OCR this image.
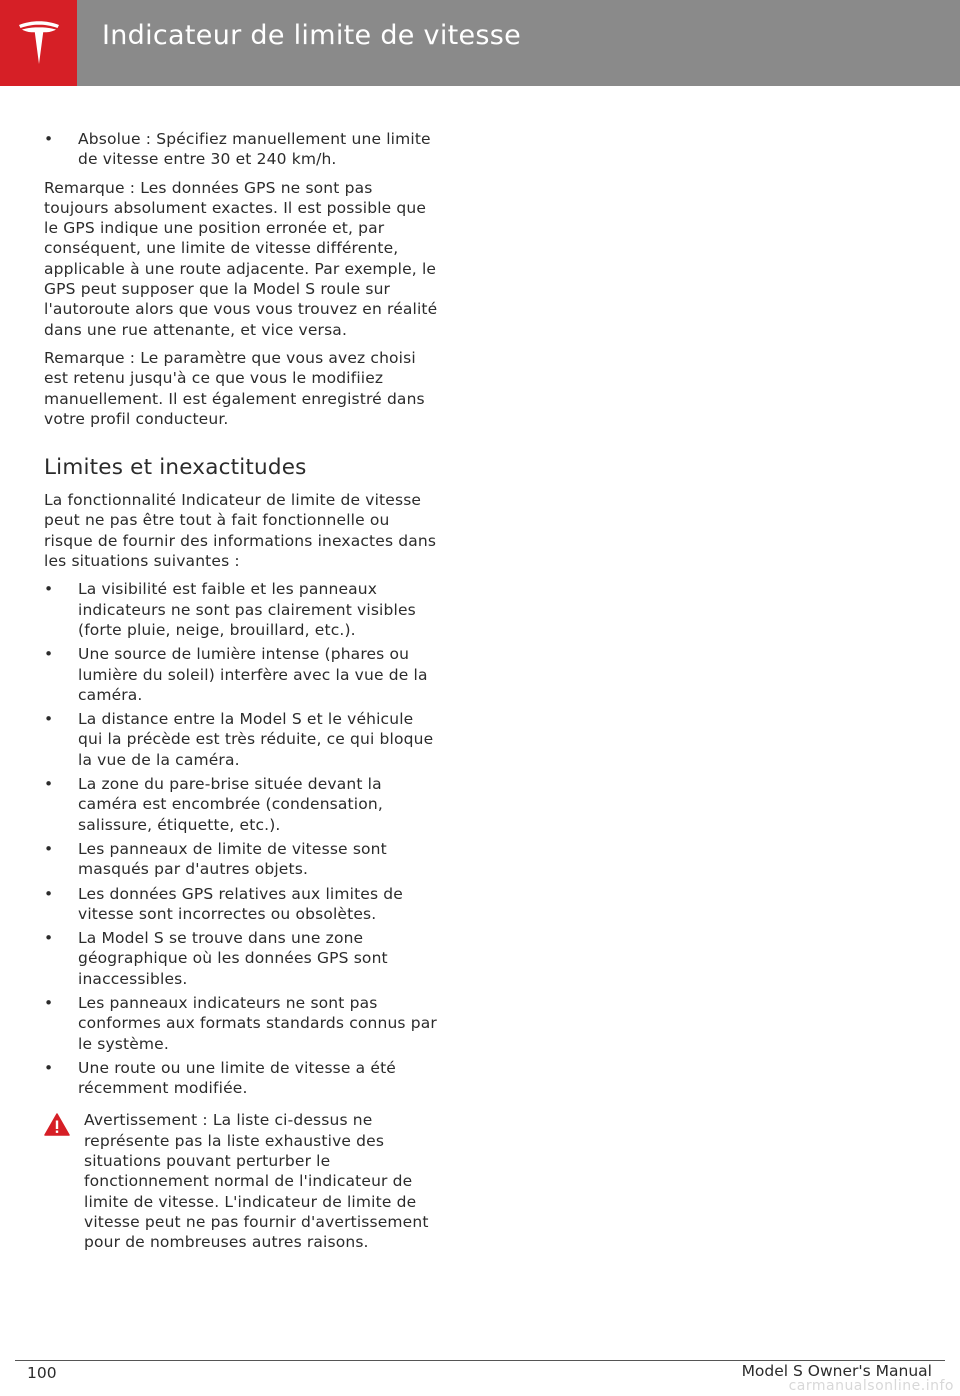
Indicateur de limite de vitesse
• Absolue : Spécifiez manuellement une limite de vitesse entre 30 et 240 km/h.

Remarque : Les données GPS ne sont pas toujours absolument exactes. Il est possible que le GPS indique une position erronée et, par conséquent, une limite de vitesse différente, applicable à une route adjacente. Par exemple, le GPS peut supposer que la Model S roule sur l'autoroute alors que vous vous trouvez en réalité dans une rue attenante, et vice versa.

Remarque : Le paramètre que vous avez choisi est retenu jusqu'à ce que vous le modifiiez manuellement. Il est également enregistré dans votre profil conducteur.

Limites et inexactitudes

La fonctionnalité Indicateur de limite de vitesse peut ne pas être tout à fait fonctionnelle ou risque de fournir des informations inexactes dans les situations suivantes :

• La visibilité est faible et les panneaux indicateurs ne sont pas clairement visibles (forte pluie, neige, brouillard, etc.).
• Une source de lumière intense (phares ou lumière du soleil) interfère avec la vue de la caméra.
• La distance entre la Model S et le véhicule qui la précède est très réduite, ce qui bloque la vue de la caméra.
• La zone du pare-brise située devant la caméra est encombrée (condensation, salissure, étiquette, etc.).
• Les panneaux de limite de vitesse sont masqués par d'autres objets.
• Les données GPS relatives aux limites de vitesse sont incorrectes ou obsolètes.
• La Model S se trouve dans une zone géographique où les données GPS sont inaccessibles.
• Les panneaux indicateurs ne sont pas conformes aux formats standards connus par le système.
• Une route ou une limite de vitesse a été récemment modifiée.
Avertissement : La liste ci-dessus ne représente pas la liste exhaustive des situations pouvant perturber le fonctionnement normal de l'indicateur de limite de vitesse. L'indicateur de limite de vitesse peut ne pas fournir d'avertissement pour de nombreuses autres raisons.
100	Model S Owner's Manual
carmanualsonline.info
